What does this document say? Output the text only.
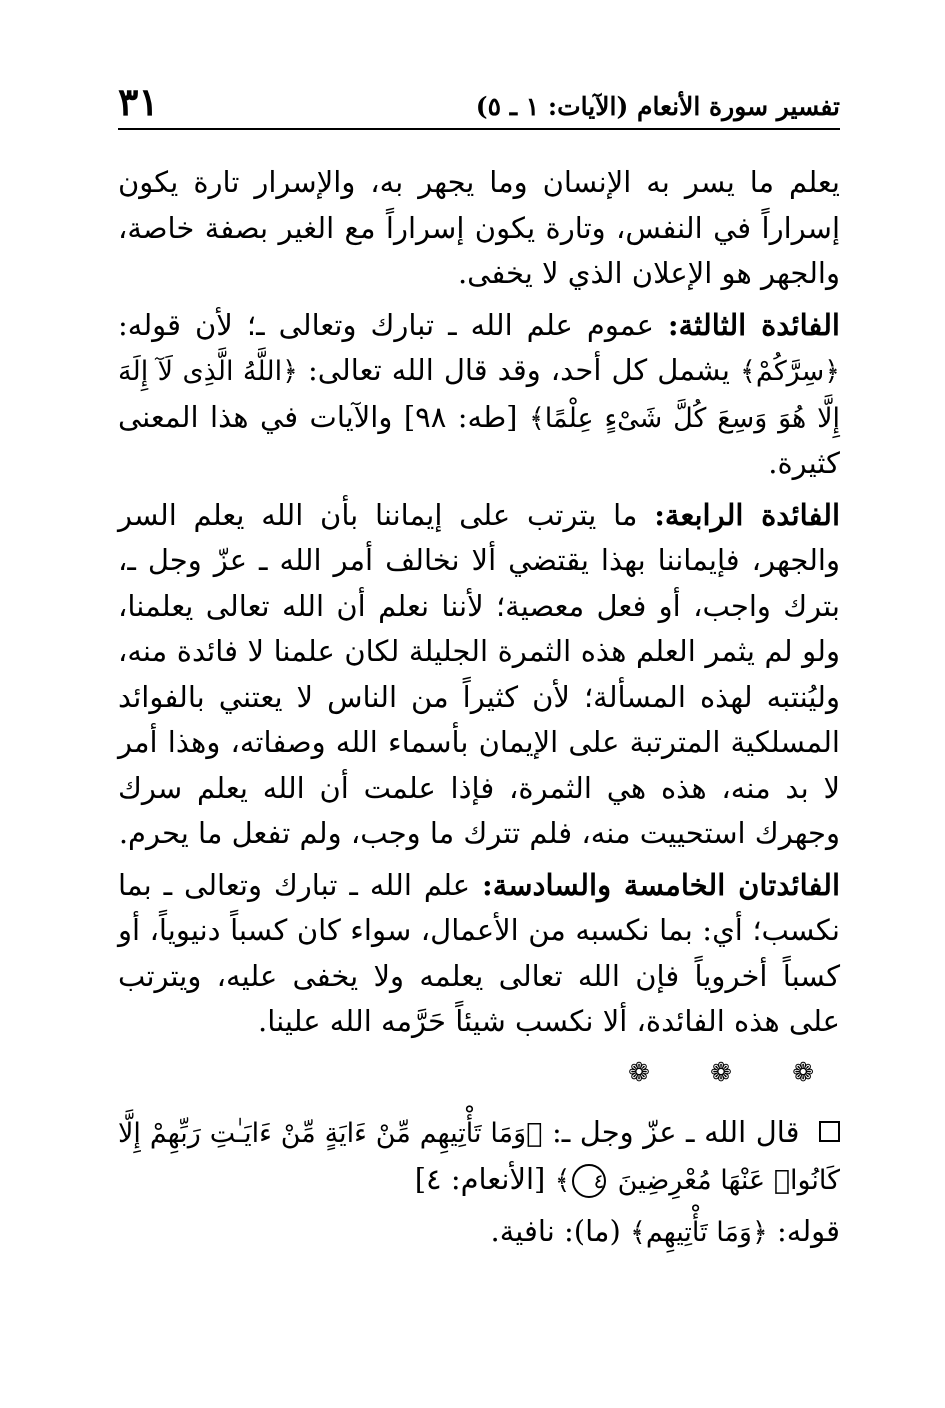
تفسير سورة الأنعام (الآيات: ١ ـ ٥)
٣١

يعلم ما يسر به الإنسان وما يجهر به، والإسرار تارة يكون إسراراً في النفس، وتارة يكون إسراراً مع الغير بصفة خاصة، والجهر هو الإعلان الذي لا يخفى.

الفائدة الثالثة: عموم علم الله ـ تبارك وتعالى ـ؛ لأن قوله: ﴿سِرَّكُمْ﴾ يشمل كل أحد، وقد قال الله تعالى: ﴿اللَّهُ الَّذِى لَآ إِلَهَ إِلَّا هُوَ وَسِعَ كُلَّ شَىْءٍ عِلْمًا﴾ [طه: ٩٨] والآيات في هذا المعنى كثيرة.

الفائدة الرابعة: ما يترتب على إيماننا بأن الله يعلم السر والجهر، فإيماننا بهذا يقتضي ألا نخالف أمر الله ـ عزّ وجل ـ، بترك واجب، أو فعل معصية؛ لأننا نعلم أن الله تعالى يعلمنا، ولو لم يثمر العلم هذه الثمرة الجليلة لكان علمنا لا فائدة منه، وليُنتبه لهذه المسألة؛ لأن كثيراً من الناس لا يعتني بالفوائد المسلكية المترتبة على الإيمان بأسماء الله وصفاته، وهذا أمر لا بد منه، هذه هي الثمرة، فإذا علمت أن الله يعلم سرك وجهرك استحييت منه، فلم تترك ما وجب، ولم تفعل ما يحرم.

الفائدتان الخامسة والسادسة: علم الله ـ تبارك وتعالى ـ بما نكسب؛ أي: بما نكسبه من الأعمال، سواء كان كسباً دنيوياً، أو كسباً أخروياً فإن الله تعالى يعلمه ولا يخفى عليه، ويترتب على هذه الفائدة، ألا نكسب شيئاً حَرَّمه الله علينا.

❁ ❁ ❁

قال الله ـ عزّ وجل ـ: ﴿وَمَا تَأْتِيهِم مِّنْ ءَايَةٍ مِّنْ ءَايَـٰتِ رَبِّهِمْ إِلَّا كَانُوا۟ عَنْهَا مُعْرِضِينَ ٤﴾ [الأنعام: ٤]

قوله: ﴿وَمَا تَأْتِيهِم﴾ (ما): نافية.
